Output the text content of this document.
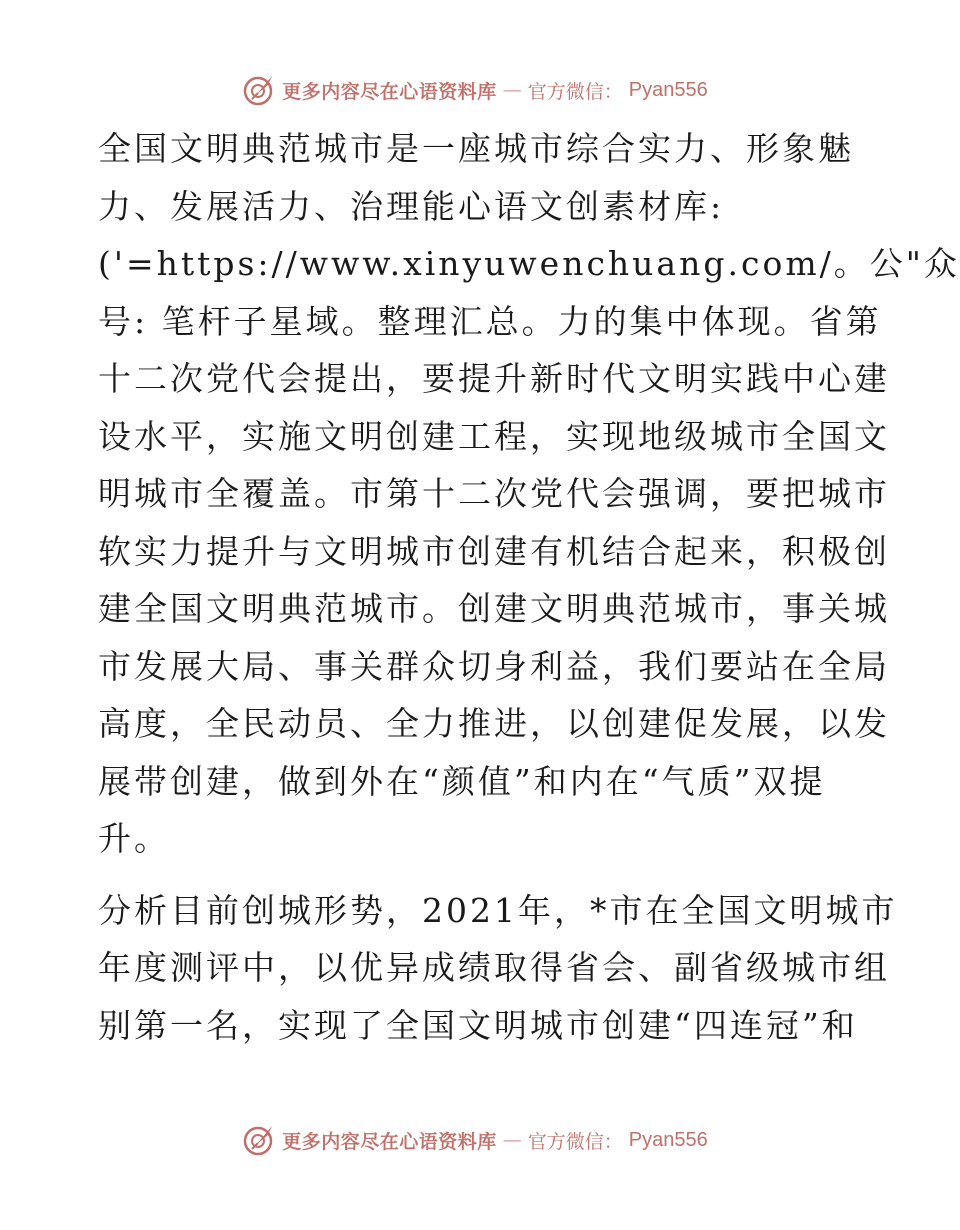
更多内容尽在心语资料库 — 官方微信： Pyan556
全国文明典范城市是一座城市综合实力、形象魅
力、发展活力、治理能心语文创素材库:
('=https://www.xinyuwenchuang.com/。公"众
号: 笔杆子星域。整理汇总。力的集中体现。省第
十二次党代会提出，要提升新时代文明实践中心建
设水平，实施文明创建工程，实现地级城市全国文
明城市全覆盖。市第十二次党代会强调，要把城市
软实力提升与文明城市创建有机结合起来，积极创
建全国文明典范城市。创建文明典范城市，事关城
市发展大局、事关群众切身利益，我们要站在全局
高度，全民动员、全力推进，以创建促发展，以发
展带创建，做到外在“颜值”和内在“气质”双提
升。
分析目前创城形势，2021年，*市在全国文明城市
年度测评中，以优异成绩取得省会、副省级城市组
别第一名，实现了全国文明城市创建“四连冠”和
更多内容尽在心语资料库 — 官方微信： Pyan556
